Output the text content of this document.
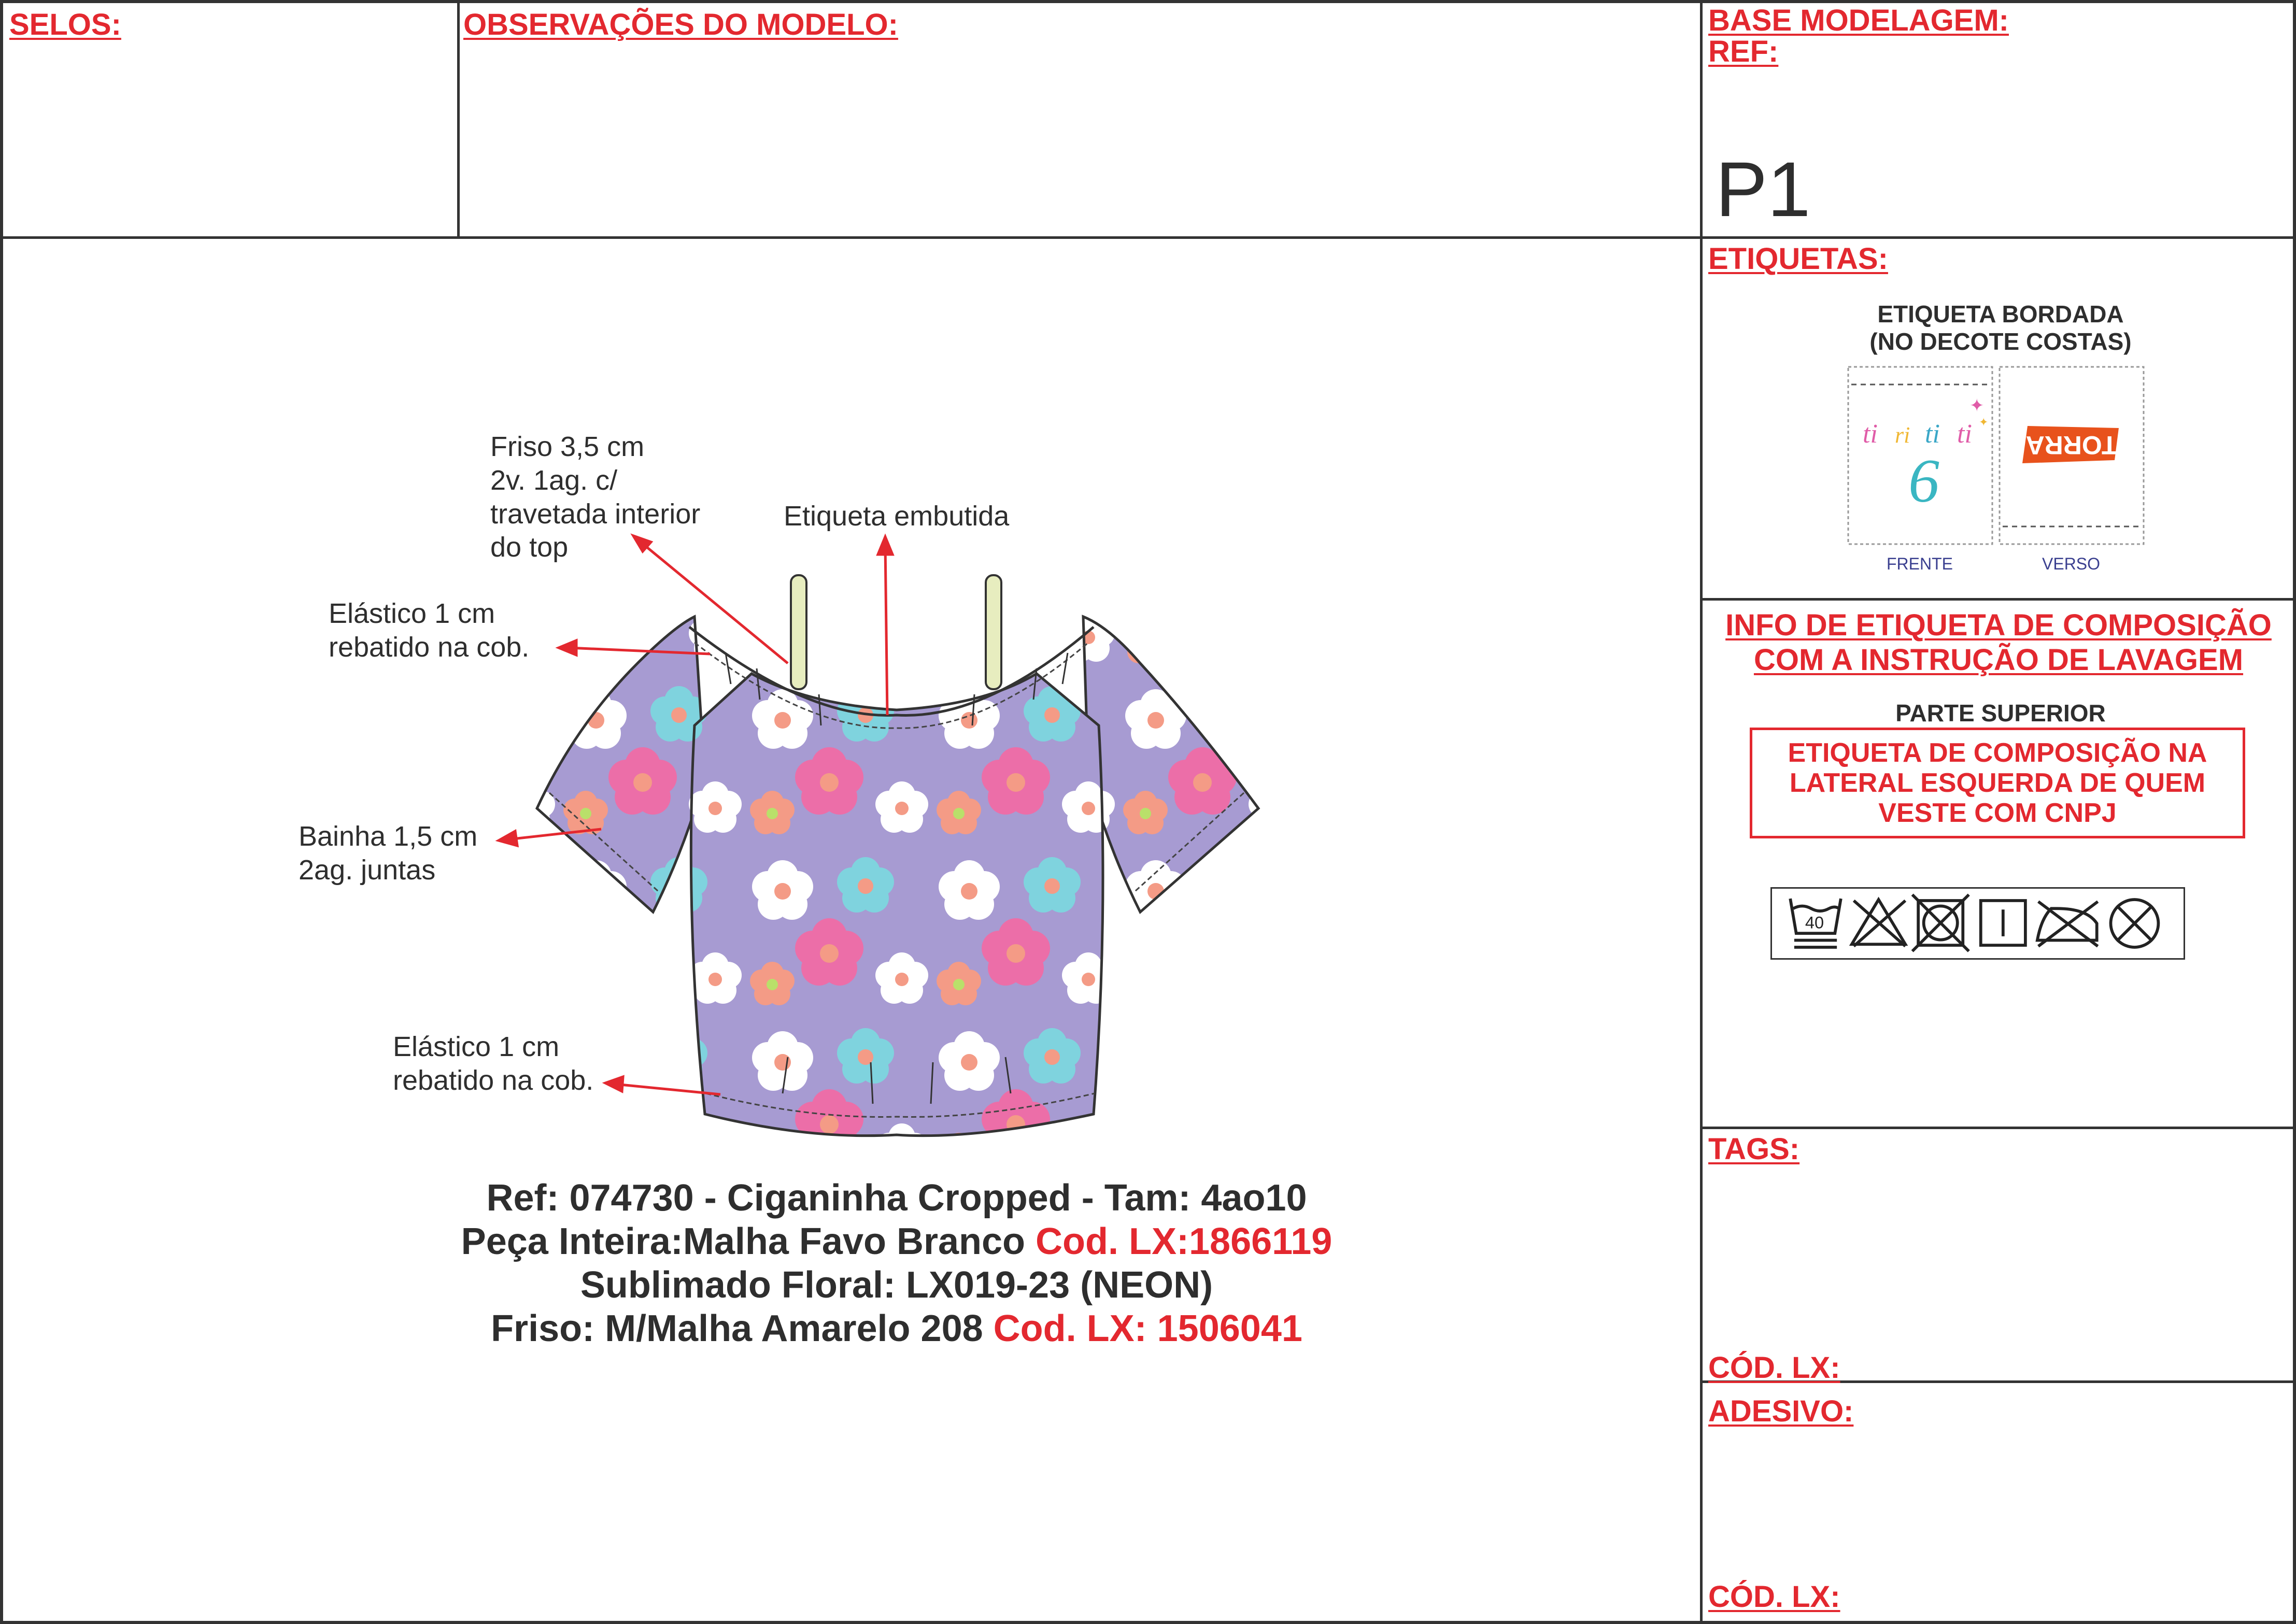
SELOS:	OBSERVAÇÕES DO MODELO:	BASE MODELAGEM:
REF:
P1
ETIQUETAS:
ETIQUETA BORDADA
(NO DECOTE COSTAS)
ti ri ti ti
6
✦
✦
TORRA
FRENTE	VERSO
INFO DE ETIQUETA DE COMPOSIÇÃO
COM A INSTRUÇÃO DE LAVAGEM
PARTE SUPERIOR
ETIQUETA DE COMPOSIÇÃO NA
LATERAL ESQUERDA DE QUEM
VESTE COM CNPJ
40
TAGS:
CÓD. LX:
ADESIVO:
CÓD. LX:
Friso 3,5 cm
2v. 1ag. c/
travetada interior
do top
Etiqueta embutida
Elástico 1 cm
rebatido na cob.
Bainha 1,5 cm
2ag. juntas
Elástico 1 cm
rebatido na cob.
Ref: 074730 - Ciganinha Cropped - Tam: 4ao10
Peça Inteira:Malha Favo Branco Cod. LX:1866119
Sublimado Floral: LX019-23 (NEON)
Friso: M/Malha Amarelo 208 Cod. LX: 1506041
